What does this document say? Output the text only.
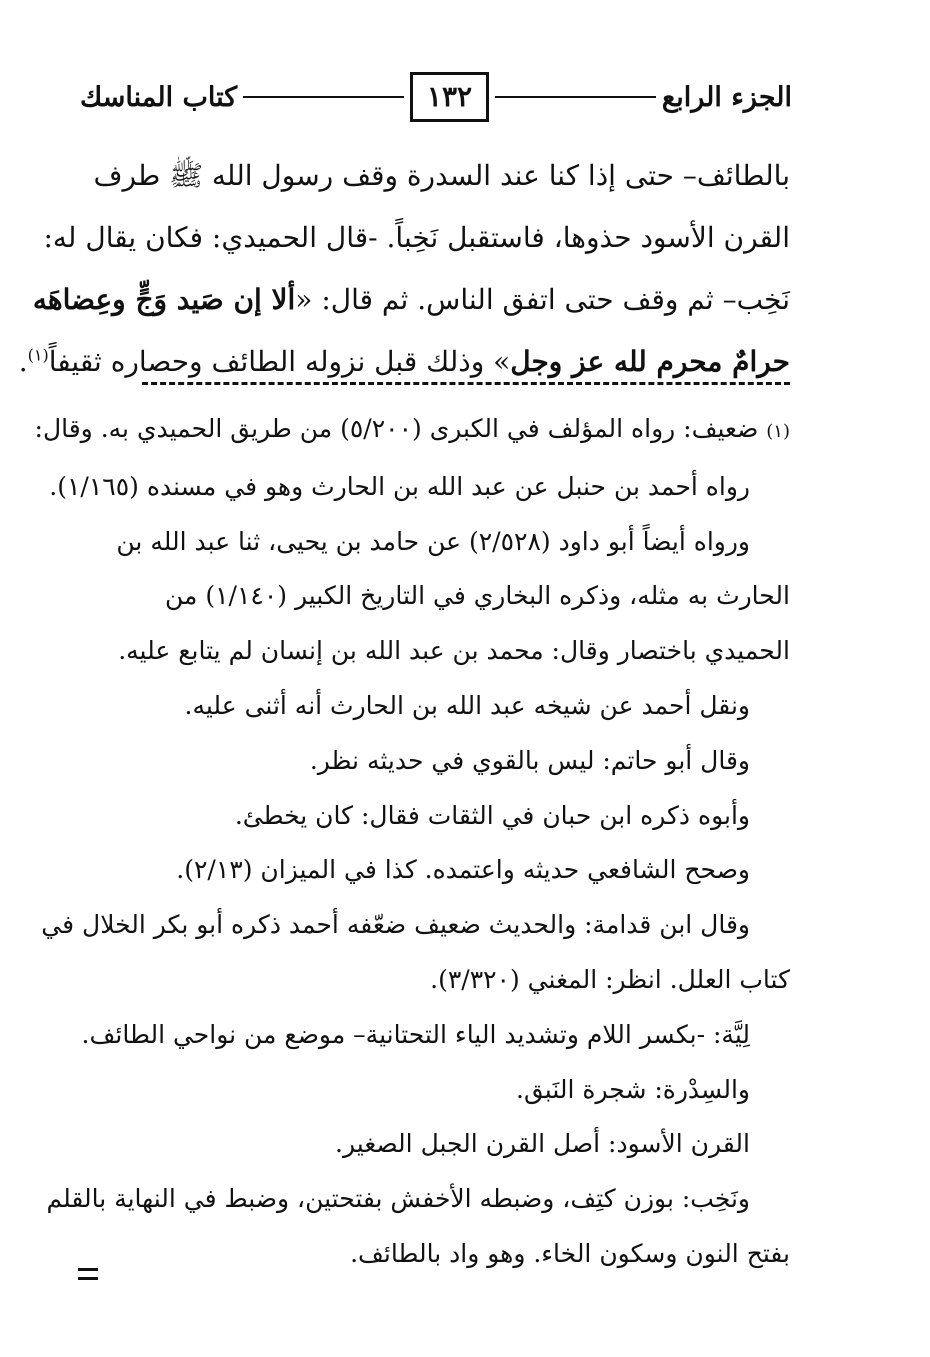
الجزء الرابع
١٣٢
كتاب المناسك
بالطائف– حتى إذا كنا عند السدرة وقف رسول الله ﷺ طرف
القرن الأسود حذوها، فاستقبل نَخِباً. -قال الحميدي: فكان يقال له:
نَخِب– ثم وقف حتى اتفق الناس. ثم قال: «ألا إن صَيد وَجٍّ وعِضاهَه
حرامٌ محرم لله عز وجل» وذلك قبل نزوله الطائف وحصاره ثقيفاً$^{(١)}$.
(١) ضعيف: رواه المؤلف في الكبرى (٥/٢٠٠) من طريق الحميدي به. وقال:
رواه أحمد بن حنبل عن عبد الله بن الحارث وهو في مسنده (١/١٦٥).
ورواه أيضاً أبو داود (٢/٥٢٨) عن حامد بن يحيى، ثنا عبد الله بن
الحارث به مثله، وذكره البخاري في التاريخ الكبير (١/١٤٠) من
الحميدي باختصار وقال: محمد بن عبد الله بن إنسان لم يتابع عليه.
ونقل أحمد عن شيخه عبد الله بن الحارث أنه أثنى عليه.
وقال أبو حاتم: ليس بالقوي في حديثه نظر.
وأبوه ذكره ابن حبان في الثقات فقال: كان يخطئ.
وصحح الشافعي حديثه واعتمده. كذا في الميزان (٢/١٣).
وقال ابن قدامة: والحديث ضعيف ضعّفه أحمد ذكره أبو بكر الخلال في
كتاب العلل. انظر: المغني (٣/٣٢٠).
لِيَّة: -بكسر اللام وتشديد الياء التحتانية– موضع من نواحي الطائف.
والسِدْرة: شجرة النَبق.
القرن الأسود: أصل القرن الجبل الصغير.
ونَخِب: بوزن كتِف، وضبطه الأخفش بفتحتين، وضبط في النهاية بالقلم
بفتح النون وسكون الخاء. وهو واد بالطائف.
